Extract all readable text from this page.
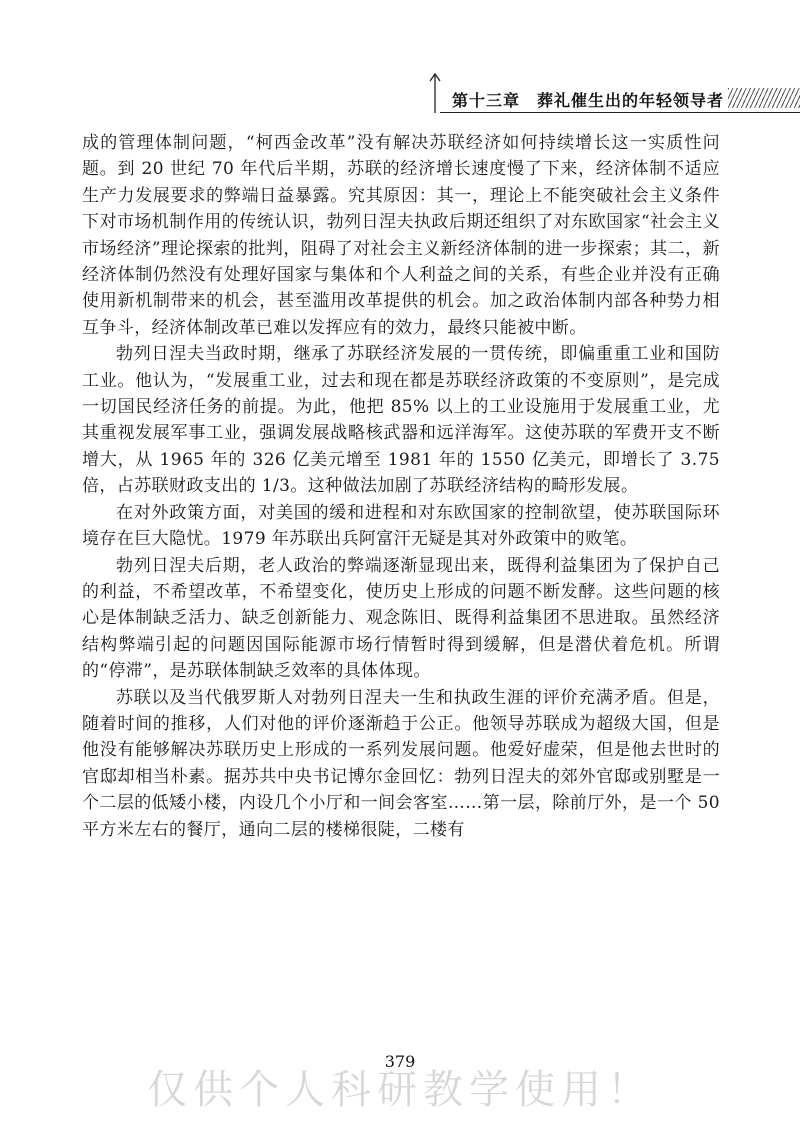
第十三章　葬礼催生出的年轻领导者

成的管理体制问题，“柯西金改革”没有解决苏联经济如何持续增长这一实质性问题。到 20 世纪 70 年代后半期，苏联的经济增长速度慢了下来，经济体制不适应生产力发展要求的弊端日益暴露。究其原因：其一，理论上不能突破社会主义条件下对市场机制作用的传统认识，勃列日涅夫执政后期还组织了对东欧国家“社会主义市场经济”理论探索的批判，阻碍了对社会主义新经济体制的进一步探索；其二，新经济体制仍然没有处理好国家与集体和个人利益之间的关系，有些企业并没有正确使用新机制带来的机会，甚至滥用改革提供的机会。加之政治体制内部各种势力相互争斗，经济体制改革已难以发挥应有的效力，最终只能被中断。

勃列日涅夫当政时期，继承了苏联经济发展的一贯传统，即偏重重工业和国防工业。他认为，“发展重工业，过去和现在都是苏联经济政策的不变原则”，是完成一切国民经济任务的前提。为此，他把 85% 以上的工业设施用于发展重工业，尤其重视发展军事工业，强调发展战略核武器和远洋海军。这使苏联的军费开支不断增大，从 1965 年的 326 亿美元增至 1981 年的 1550 亿美元，即增长了 3.75 倍，占苏联财政支出的 1/3。这种做法加剧了苏联经济结构的畸形发展。

在对外政策方面，对美国的缓和进程和对东欧国家的控制欲望，使苏联国际环境存在巨大隐忧。1979 年苏联出兵阿富汗无疑是其对外政策中的败笔。

勃列日涅夫后期，老人政治的弊端逐渐显现出来，既得利益集团为了保护自己的利益，不希望改革，不希望变化，使历史上形成的问题不断发酵。这些问题的核心是体制缺乏活力、缺乏创新能力、观念陈旧、既得利益集团不思进取。虽然经济结构弊端引起的问题因国际能源市场行情暂时得到缓解，但是潜伏着危机。所谓的“停滞”，是苏联体制缺乏效率的具体体现。

苏联以及当代俄罗斯人对勃列日涅夫一生和执政生涯的评价充满矛盾。但是，随着时间的推移，人们对他的评价逐渐趋于公正。他领导苏联成为超级大国，但是他没有能够解决苏联历史上形成的一系列发展问题。他爱好虚荣，但是他去世时的官邸却相当朴素。据苏共中央书记博尔金回忆：勃列日涅夫的郊外官邸或别墅是一个二层的低矮小楼，内设几个小厅和一间会客室……第一层，除前厅外，是一个 50 平方米左右的餐厅，通向二层的楼梯很陡，二楼有

仅供个人科研教学使用！
379
